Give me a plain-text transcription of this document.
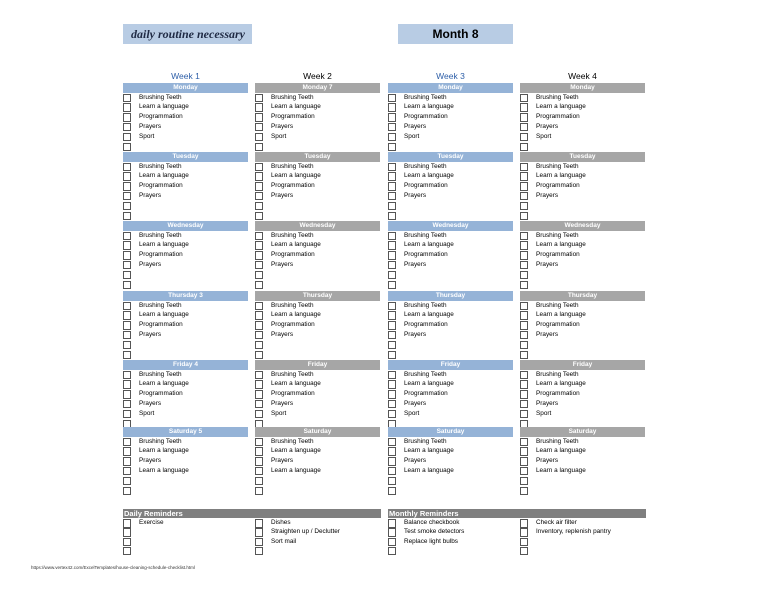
daily routine necessary	Month 8
Week 1
Monday
Brushing Teeth
Learn a language
Programmation
Prayers
Sport
Tuesday
Brushing Teeth
Learn a language
Programmation
Prayers
Wednesday
Brushing Teeth
Learn a language
Programmation
Prayers
Thursday 3
Brushing Teeth
Learn a language
Programmation
Prayers
Friday 4
Brushing Teeth
Learn a language
Programmation
Prayers
Sport
Saturday 5
Brushing Teeth
Learn a language
Prayers
Learn a language
Week 2
Monday 7
Brushing Teeth
Learn a language
Programmation
Prayers
Sport
Tuesday
Brushing Teeth
Learn a language
Programmation
Prayers
Wednesday
Brushing Teeth
Learn a language
Programmation
Prayers
Thursday
Brushing Teeth
Learn a language
Programmation
Prayers
Friday
Brushing Teeth
Learn a language
Programmation
Prayers
Sport
Saturday
Brushing Teeth
Learn a language
Prayers
Learn a language
Week 3
Monday
Brushing Teeth
Learn a language
Programmation
Prayers
Sport
Tuesday
Brushing Teeth
Learn a language
Programmation
Prayers
Wednesday
Brushing Teeth
Learn a language
Programmation
Prayers
Thursday
Brushing Teeth
Learn a language
Programmation
Prayers
Friday
Brushing Teeth
Learn a language
Programmation
Prayers
Sport
Saturday
Brushing Teeth
Learn a language
Prayers
Learn a language
Week 4
Monday
Brushing Teeth
Learn a language
Programmation
Prayers
Sport
Tuesday
Brushing Teeth
Learn a language
Programmation
Prayers
Wednesday
Brushing Teeth
Learn a language
Programmation
Prayers
Thursday
Brushing Teeth
Learn a language
Programmation
Prayers
Friday
Brushing Teeth
Learn a language
Programmation
Prayers
Sport
Saturday
Brushing Teeth
Learn a language
Prayers
Learn a language
Daily Reminders
Exercise	Dishes
Straighten up / Declutter
Sort mail
Monthly Reminders
Balance checkbook
Test smoke detectors
Replace light bulbs
Check air filter
Inventory, replenish pantry
https://www.vertex42.com/ExcelTemplates/house-cleaning-schedule-checklist.html
